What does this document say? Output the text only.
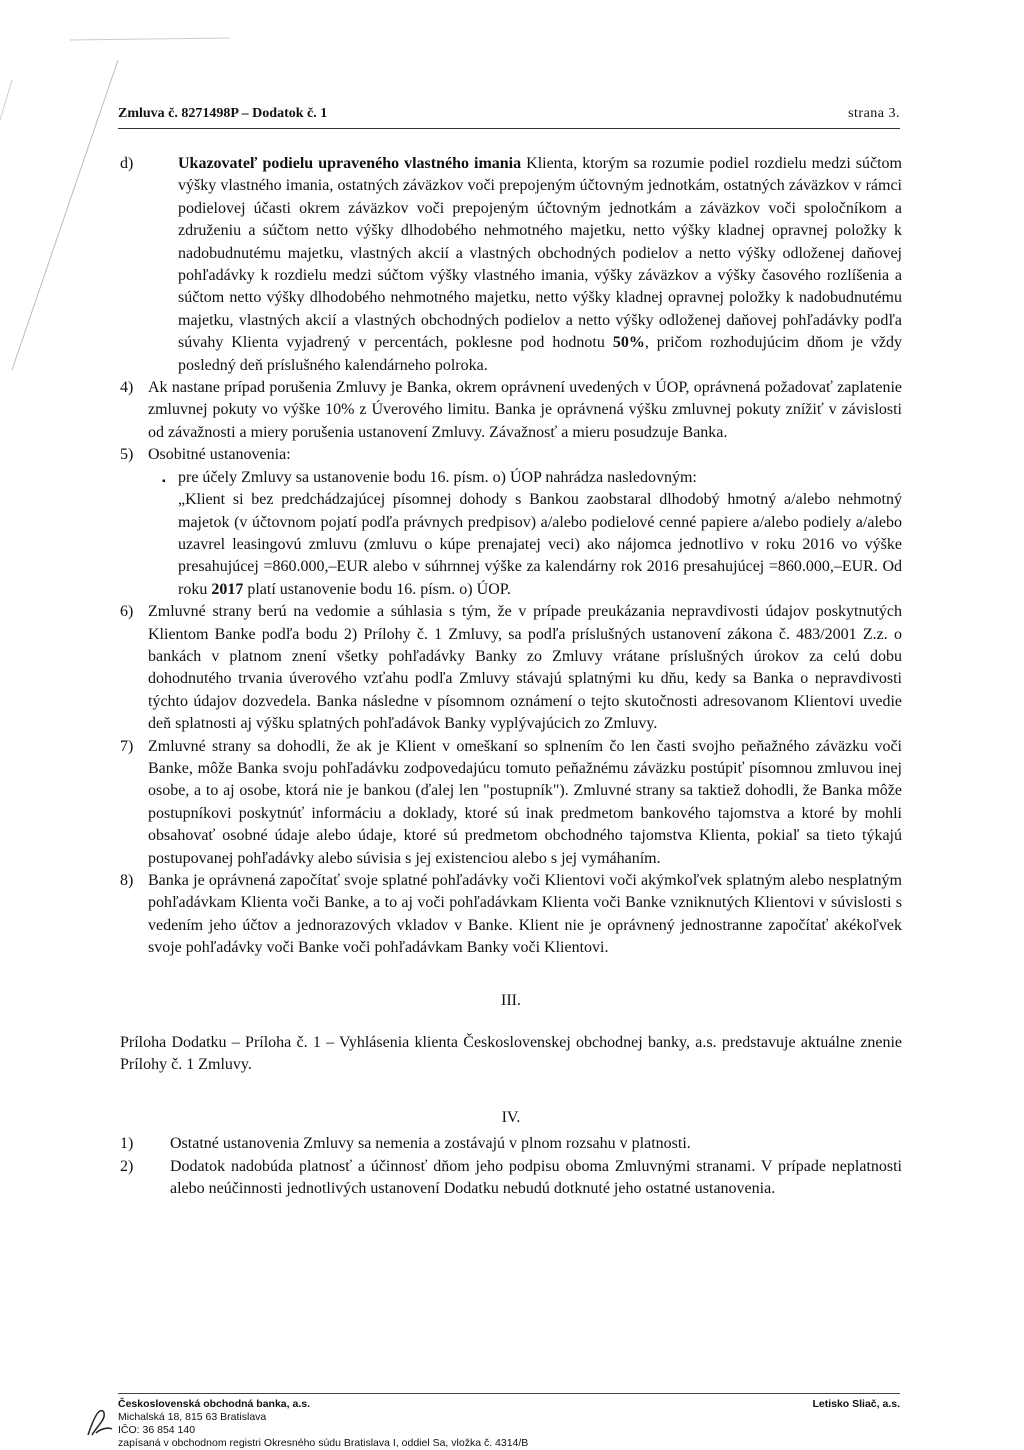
Zmluva č. 8271498P – Dodatok č. 1	strana 3.
d)	Ukazovateľ podielu upraveného vlastného imania Klienta, ktorým sa rozumie podiel rozdielu medzi súčtom výšky vlastného imania, ostatných záväzkov voči prepojeným účtovným jednotkám, ostatných záväzkov v rámci podielovej účasti okrem záväzkov voči prepojeným účtovným jednotkám a záväzkov voči spoločníkom a združeniu a súčtom netto výšky dlhodobého nehmotného majetku, netto výšky kladnej opravnej položky k nadobudnutému majetku, vlastných akcií a vlastných obchodných podielov a netto výšky odloženej daňovej pohľadávky k rozdielu medzi súčtom výšky vlastného imania, výšky záväzkov a výšky časového rozlíšenia a súčtom netto výšky dlhodobého nehmotného majetku, netto výšky kladnej opravnej položky k nadobudnutému majetku, vlastných akcií a vlastných obchodných podielov a netto výšky odloženej daňovej pohľadávky podľa súvahy Klienta vyjadrený v percentách, poklesne pod hodnotu 50%, pričom rozhodujúcim dňom je vždy posledný deň príslušného kalendárneho polroka.

4) Ak nastane prípad porušenia Zmluvy je Banka, okrem oprávnení uvedených v ÚOP, oprávnená požadovať zaplatenie zmluvnej pokuty vo výške 10% z Úverového limitu. Banka je oprávnená výšku zmluvnej pokuty znížiť v závislosti od závažnosti a miery porušenia ustanovení Zmluvy. Závažnosť a mieru posudzuje Banka.

5) Osobitné ustanovenia:

▪ pre účely Zmluvy sa ustanovenie bodu 16. písm. o) ÚOP nahrádza nasledovným:

„Klient si bez predchádzajúcej písomnej dohody s Bankou zaobstaral dlhodobý hmotný a/alebo nehmotný majetok (v účtovnom pojatí podľa právnych predpisov) a/alebo podielové cenné papiere a/alebo podiely a/alebo uzavrel leasingovú zmluvu (zmluvu o kúpe prenajatej veci) ako nájomca jednotlivo v roku 2016 vo výške presahujúcej =860.000,–EUR alebo v súhrnnej výške za kalendárny rok 2016 presahujúcej =860.000,–EUR. Od roku 2017 platí ustanovenie bodu 16. písm. o) ÚOP.

6) Zmluvné strany berú na vedomie a súhlasia s tým, že v prípade preukázania nepravdivosti údajov poskytnutých Klientom Banke podľa bodu 2) Prílohy č. 1 Zmluvy, sa podľa príslušných ustanovení zákona č. 483/2001 Z.z. o bankách v platnom znení všetky pohľadávky Banky zo Zmluvy vrátane príslušných úrokov za celú dobu dohodnutého trvania úverového vzťahu podľa Zmluvy stávajú splatnými ku dňu, kedy sa Banka o nepravdivosti týchto údajov dozvedela. Banka následne v písomnom oznámení o tejto skutočnosti adresovanom Klientovi uvedie deň splatnosti aj výšku splatných pohľadávok Banky vyplývajúcich zo Zmluvy.

7) Zmluvné strany sa dohodli, že ak je Klient v omeškaní so splnením čo len časti svojho peňažného záväzku voči Banke, môže Banka svoju pohľadávku zodpovedajúcu tomuto peňažnému záväzku postúpiť písomnou zmluvou inej osobe, a to aj osobe, ktorá nie je bankou (ďalej len "postupník"). Zmluvné strany sa taktiež dohodli, že Banka môže postupníkovi poskytnúť informáciu a doklady, ktoré sú inak predmetom bankového tajomstva a ktoré by mohli obsahovať osobné údaje alebo údaje, ktoré sú predmetom obchodného tajomstva Klienta, pokiaľ sa tieto týkajú postupovanej pohľadávky alebo súvisia s jej existenciou alebo s jej vymáhaním.

8) Banka je oprávnená započítať svoje splatné pohľadávky voči Klientovi voči akýmkoľvek splatným alebo nesplatným pohľadávkam Klienta voči Banke, a to aj voči pohľadávkam Klienta voči Banke vzniknutých Klientovi v súvislosti s vedením jeho účtov a jednorazových vkladov v Banke. Klient nie je oprávnený jednostranne započítať akékoľvek svoje pohľadávky voči Banke voči pohľadávkam Banky voči Klientovi.

III.

Príloha Dodatku – Príloha č. 1 – Vyhlásenia klienta Československej obchodnej banky, a.s. predstavuje aktuálne znenie Prílohy č. 1 Zmluvy.

IV.

1) Ostatné ustanovenia Zmluvy sa nemenia a zostávajú v plnom rozsahu v platnosti.

2) Dodatok nadobúda platnosť a účinnosť dňom jeho podpisu oboma Zmluvnými stranami. V prípade neplatnosti alebo neúčinnosti jednotlivých ustanovení Dodatku nebudú dotknuté jeho ostatné ustanovenia.

Československá obchodná banka, a.s.
Michalská 18, 815 63 Bratislava
IČO: 36 854 140
zapísaná v obchodnom registri Okresného súdu Bratislava I, oddiel Sa, vložka č. 4314/B
Letisko Sliač, a.s.
